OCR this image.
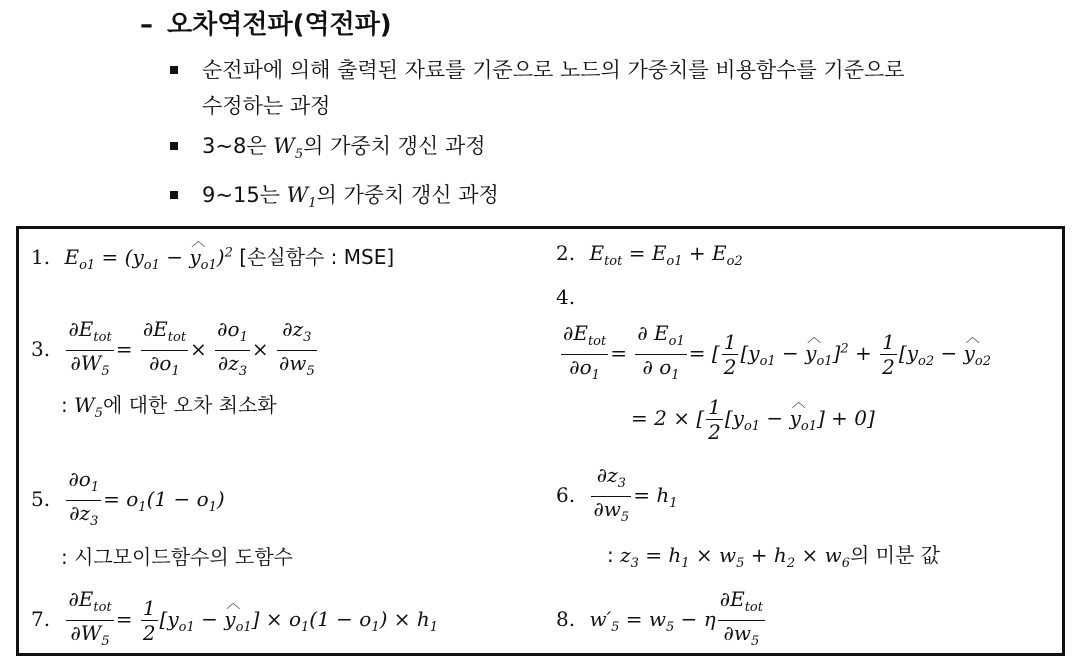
– 오차역전파(역전파)
순전파에 의해 출력된 자료를 기준으로 노드의 가중치를 비용함수를 기준으로
수정하는 과정
3~8은 $W_5$의 가중치 갱신 과정
9~15는 $W_1$의 가중치 갱신 과정
1. $E_{o1} = (y_{o1}$ − ︿ $y_{o1})^2$ [손실함수 : MSE]	2. $E_{tot} = E_{o1} + E_{o2}$
3. $\frac{\partial E_{tot}}{\partial W_5} = \frac{\partial E_{tot}}{\partial o_1} \times \frac{\partial o_1}{\partial z_3} \times \frac{\partial z_3}{\partial w_5}$
: $W_5$에 대한 오차 최소화
4.
$\frac{\partial E_{tot}}{\partial o_1} = \frac{\partial E_{o1}}{\partial o_1}$ = [ $\frac{1}{2} [y_{o1}$ − ︿ $y_{o1}]^2 + \frac{1}{2} [y_{o2}$ − ︿ $y_{o2}$
= 2 × [ $\frac{1}{2} [y_{o1}$ − ︿ $y_{o1}] + 0$]
5. $\frac{\partial o_1}{\partial z_3} = o_1(1 - o_1)$
: 시그모이드함수의 도함수
6. $\frac{\partial z_3}{\partial w_5} = h_1$
: $z_3 = h_1 \times w_5 + h_2 \times w_6$의 미분 값
7. $\frac{\partial E_{tot}}{\partial W_5} = \frac{1}{2} [y_{o1}$ − ︿ $y_{o1}] \times o_1(1 - o_1) \times h_1$	8. $w'_5 = w_5 - \eta \frac{\partial E_{tot}}{\partial w_5}$
